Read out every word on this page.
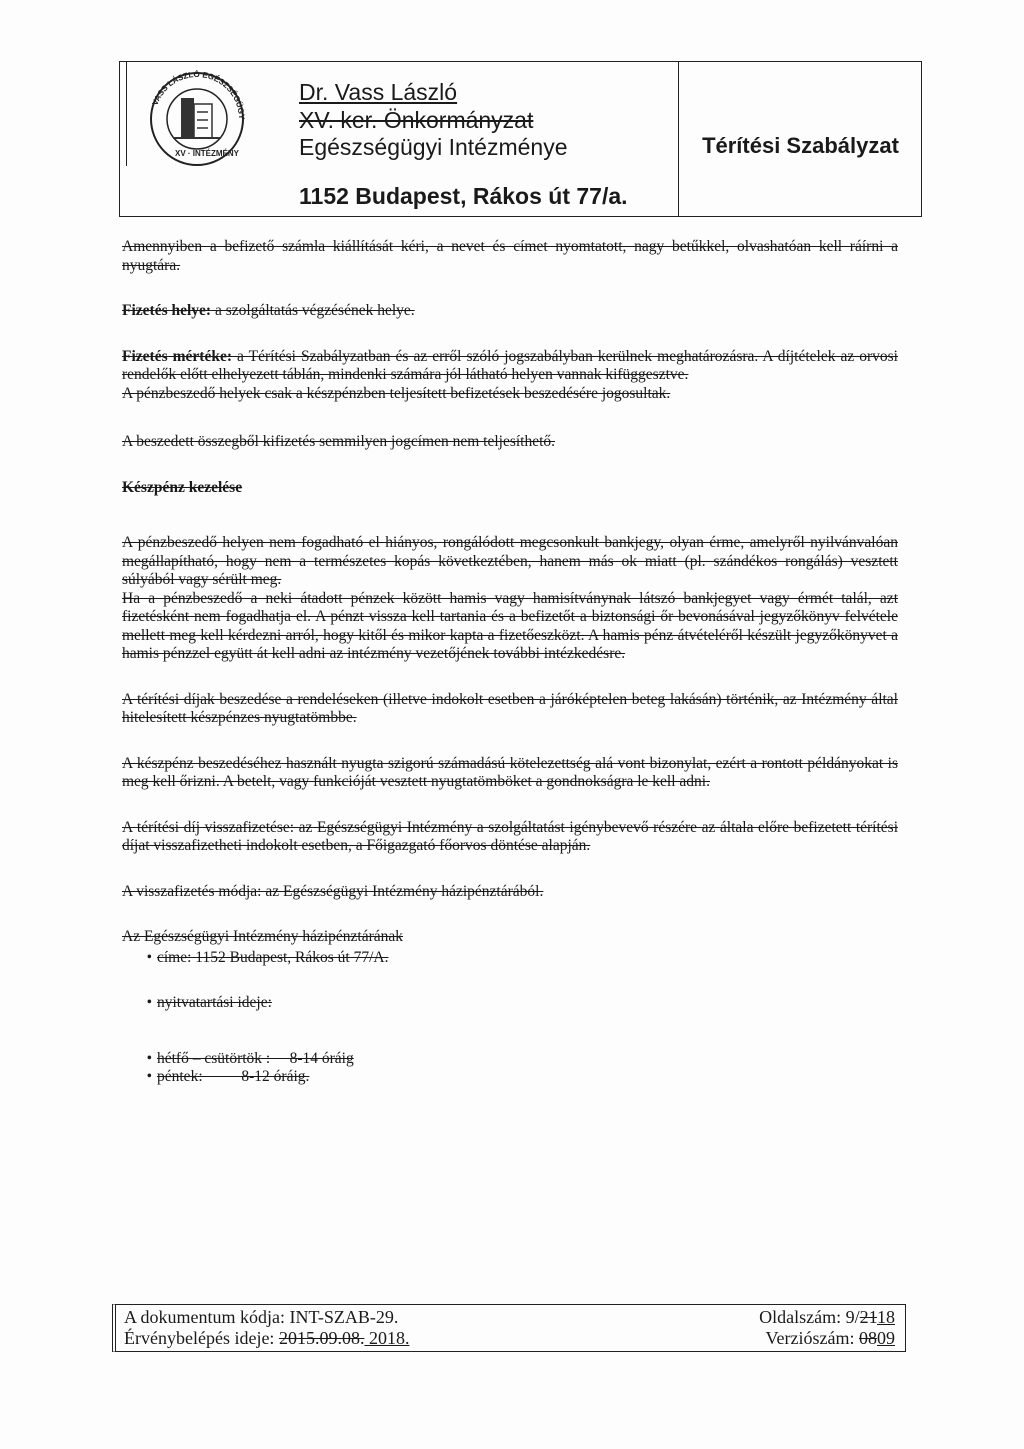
VASS LÁSZLÓ EGÉSZSÉGÜGY
XV · INTÉZMÉNY
Dr. Vass László
XV. ker. Önkormányzat
Egészségügyi Intézménye
1152 Budapest, Rákos út 77/a.
Térítési Szabályzat

Amennyiben a befizető számla kiállítását kéri, a nevet és címet nyomtatott, nagy betűkkel, olvashatóan kell ráírni a nyugtára.

Fizetés helye: a szolgáltatás végzésének helye.

Fizetés mértéke: a Térítési Szabályzatban és az erről szóló jogszabályban kerülnek meghatározásra. A díjtételek az orvosi rendelők előtt elhelyezett táblán, mindenki számára jól látható helyen vannak kifüggesztve.

A pénzbeszedő helyek csak a készpénzben teljesített befizetések beszedésére jogosultak.

A beszedett összegből kifizetés semmilyen jogcímen nem teljesíthető.

Készpénz kezelése

A pénzbeszedő helyen nem fogadható el hiányos, rongálódott megcsonkult bankjegy, olyan érme, amelyről nyilvánvalóan megállapítható, hogy nem a természetes kopás következtében, hanem más ok miatt (pl. szándékos rongálás) vesztett súlyából vagy sérült meg.

Ha a pénzbeszedő a neki átadott pénzek között hamis vagy hamisítványnak látszó bankjegyet vagy érmét talál, azt fizetésként nem fogadhatja el. A pénzt vissza kell tartania és a befizetőt a biztonsági őr bevonásával jegyzőkönyv felvétele mellett meg kell kérdezni arról, hogy kitől és mikor kapta a fizetőeszközt. A hamis pénz átvételéről készült jegyzőkönyvet a hamis pénzzel együtt át kell adni az intézmény vezetőjének további intézkedésre.

A térítési díjak beszedése a rendeléseken (illetve indokolt esetben a járóképtelen beteg lakásán) történik, az Intézmény által hitelesített készpénzes nyugtatömbbe.

A készpénz beszedéséhez használt nyugta szigorú számadású kötelezettség alá vont bizonylat, ezért a rontott példányokat is meg kell őrizni. A betelt, vagy funkcióját vesztett nyugtatömböket a gondnokságra le kell adni.

A térítési díj visszafizetése: az Egészségügyi Intézmény a szolgáltatást igénybevevő részére az általa előre befizetett térítési díjat visszafizetheti indokolt esetben, a Főigazgató főorvos döntése alapján.

A visszafizetés módja: az Egészségügyi Intézmény házipénztárából.

Az Egészségügyi Intézmény házipénztárának

• címe: 1152 Budapest, Rákos út 77/A.
• nyitvatartási ideje:
• hétfő – csütörtök :     8-14 óráig
• péntek:          8-12 óráig.
A dokumentum kódja: INT-SZAB-29.
Érvénybelépés ideje: 2015.09.08. 2018.
Oldalszám: 9/2118
Verziószám: 0809
